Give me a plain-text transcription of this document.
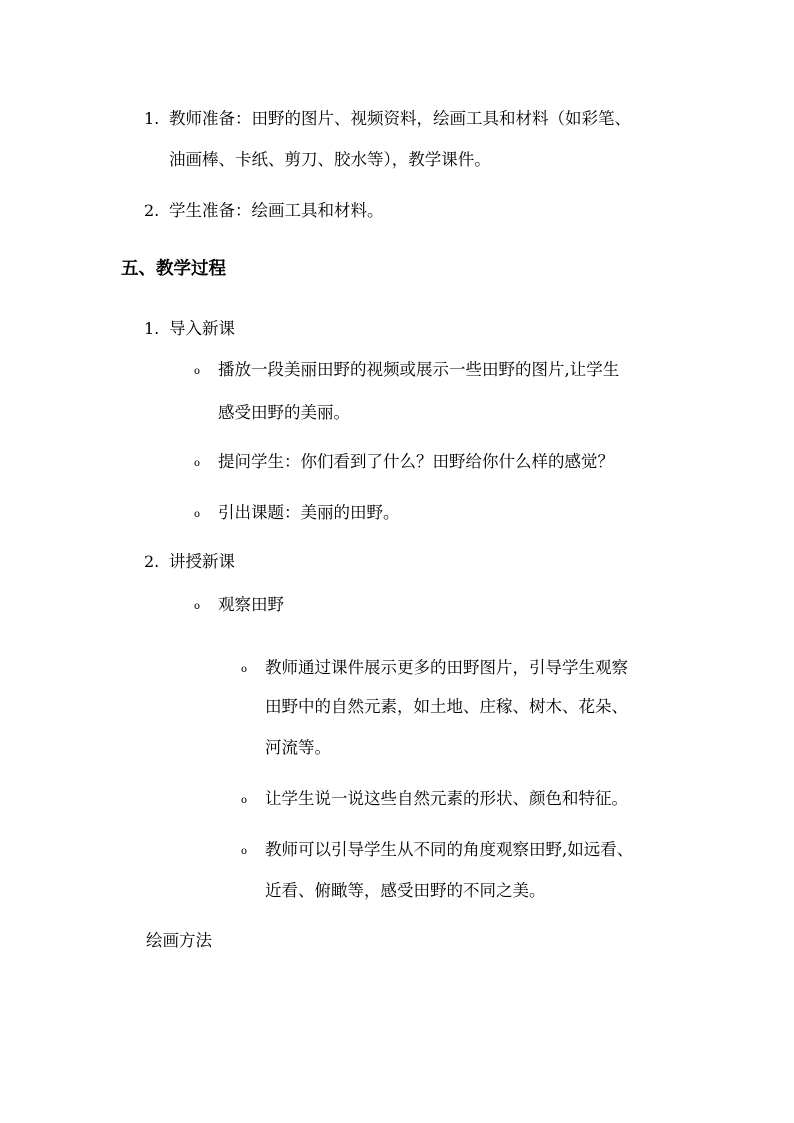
1. 教师准备：田野的图片、视频资料，绘画工具和材料（如彩笔、
油画棒、卡纸、剪刀、胶水等），教学课件。
2. 学生准备：绘画工具和材料。
五、教学过程
1. 导入新课
o 播放一段美丽田野的视频或展示一些田野的图片,让学生
感受田野的美丽。
o 提问学生：你们看到了什么？田野给你什么样的感觉？
o 引出课题：美丽的田野。
2. 讲授新课
o 观察田野
o 教师通过课件展示更多的田野图片，引导学生观察
田野中的自然元素，如土地、庄稼、树木、花朵、
河流等。
o 让学生说一说这些自然元素的形状、颜色和特征。
o 教师可以引导学生从不同的角度观察田野,如远看、
近看、俯瞰等，感受田野的不同之美。
绘画方法
